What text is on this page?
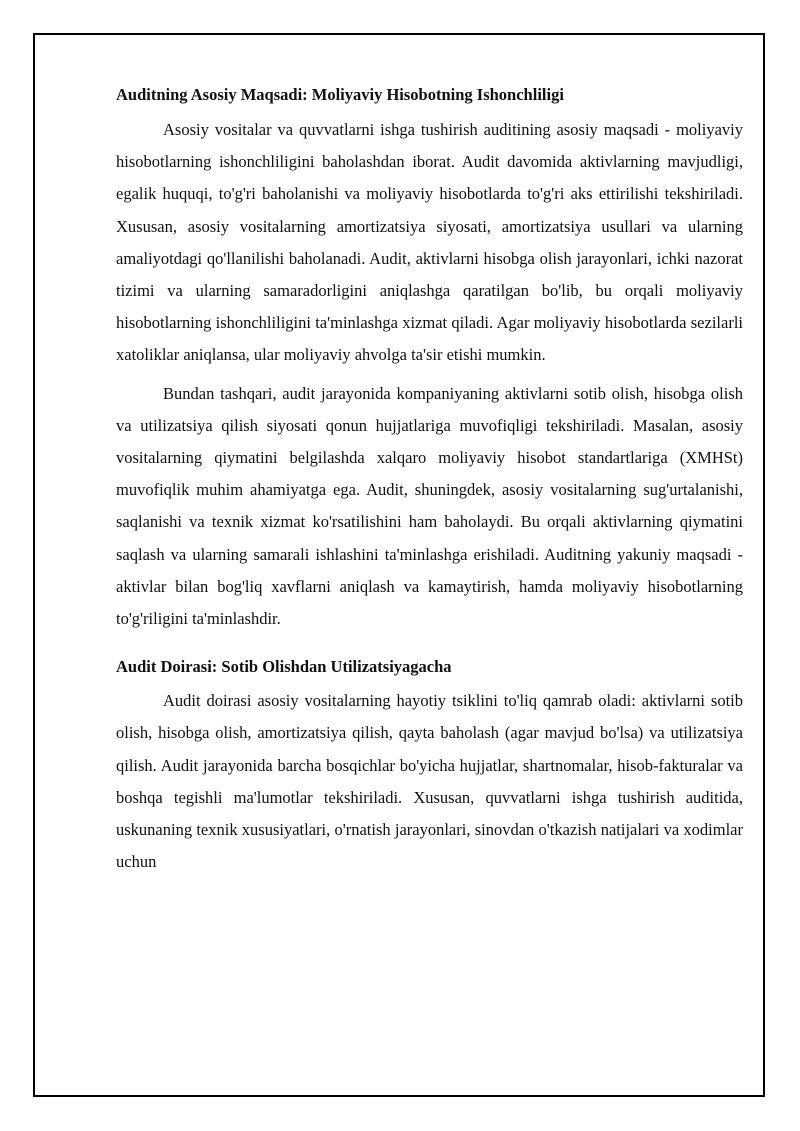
Auditning Asosiy Maqsadi: Moliyaviy Hisobotning Ishonchliligi

Asosiy vositalar va quvvatlarni ishga tushirish auditining asosiy maqsadi - moliyaviy hisobotlarning ishonchliligini baholashdan iborat. Audit davomida aktivlarning mavjudligi, egalik huquqi, to'g'ri baholanishi va moliyaviy hisobotlarda to'g'ri aks ettirilishi tekshiriladi. Xususan, asosiy vositalarning amortizatsiya siyosati, amortizatsiya usullari va ularning amaliyotdagi qo'llanilishi baholanadi. Audit, aktivlarni hisobga olish jarayonlari, ichki nazorat tizimi va ularning samaradorligini aniqlashga qaratilgan bo'lib, bu orqali moliyaviy hisobotlarning ishonchliligini ta'minlashga xizmat qiladi. Agar moliyaviy hisobotlarda sezilarli xatoliklar aniqlansa, ular moliyaviy ahvolga ta'sir etishi mumkin.

Bundan tashqari, audit jarayonida kompaniyaning aktivlarni sotib olish, hisobga olish va utilizatsiya qilish siyosati qonun hujjatlariga muvofiqligi tekshiriladi. Masalan, asosiy vositalarning qiymatini belgilashda xalqaro moliyaviy hisobot standartlariga (XMHSt) muvofiqlik muhim ahamiyatga ega. Audit, shuningdek, asosiy vositalarning sug'urtalanishi, saqlanishi va texnik xizmat ko'rsatilishini ham baholaydi. Bu orqali aktivlarning qiymatini saqlash va ularning samarali ishlashini ta'minlashga erishiladi. Auditning yakuniy maqsadi - aktivlar bilan bog'liq xavflarni aniqlash va kamaytirish, hamda moliyaviy hisobotlarning to'g'riligini ta'minlashdir.

Audit Doirasi: Sotib Olishdan Utilizatsiyagacha

Audit doirasi asosiy vositalarning hayotiy tsiklini to'liq qamrab oladi: aktivlarni sotib olish, hisobga olish, amortizatsiya qilish, qayta baholash (agar mavjud bo'lsa) va utilizatsiya qilish. Audit jarayonida barcha bosqichlar bo'yicha hujjatlar, shartnomalar, hisob-fakturalar va boshqa tegishli ma'lumotlar tekshiriladi. Xususan, quvvatlarni ishga tushirish auditida, uskunaning texnik xususiyatlari, o'rnatish jarayonlari, sinovdan o'tkazish natijalari va xodimlar uchun
